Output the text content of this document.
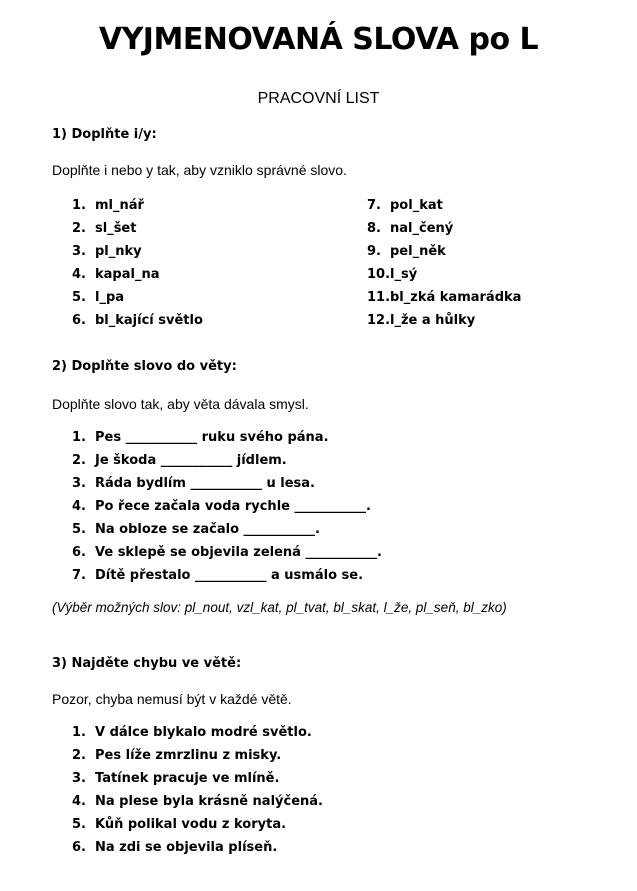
VYJMENOVANÁ SLOVA po L
PRACOVNÍ LIST
1) Doplňte i/y:
Doplňte i nebo y tak, aby vzniklo správné slovo.
1. ml_nář
2. sl_šet
3. pl_nky
4. kapal_na
5. l_pa
6. bl_kající světlo
7. pol_kat
8. nal_čený
9. pel_něk
10. l_sý
11. bl_zká kamarádka
12. l_že a hůlky
2) Doplňte slovo do věty:
Doplňte slovo tak, aby věta dávala smysl.
1. Pes ___________ ruku svého pána.
2. Je škoda ___________ jídlem.
3. Ráda bydlím ___________ u lesa.
4. Po řece začala voda rychle ___________.
5. Na obloze se začalo ___________.
6. Ve sklepě se objevila zelená ___________.
7. Dítě přestalo ___________ a usmálo se.
(Výběr možných slov: pl_nout, vzl_kat, pl_tvat, bl_skat, l_že, pl_seň, bl_zko)
3) Najděte chybu ve větě:
Pozor, chyba nemusí být v každé větě.
1. V dálce blykalo modré světlo.
2. Pes líže zmrzlinu z misky.
3. Tatínek pracuje ve mlíně.
4. Na plese byla krásně nalýčená.
5. Kůň polikal vodu z koryta.
6. Na zdi se objevila plíseň.
